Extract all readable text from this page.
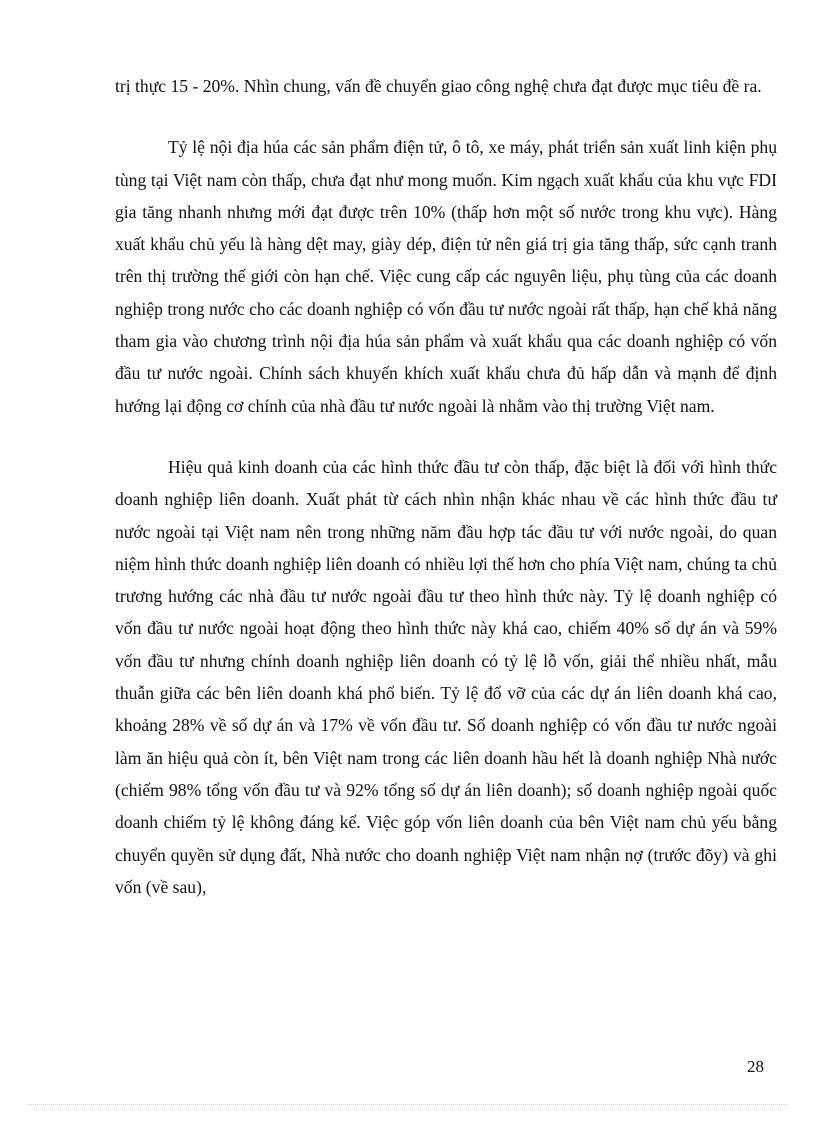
trị thực 15 - 20%. Nhìn chung, vấn đề chuyển giao công nghệ chưa đạt được mục tiêu đề ra.

Tỷ lệ nội địa húa các sản phẩm điện tử, ô tô, xe máy, phát triển sản xuất linh kiện phụ tùng tại Việt nam còn thấp, chưa đạt như mong muốn. Kim ngạch xuất khẩu của khu vực FDI gia tăng nhanh nhưng mới đạt được trên 10% (thấp hơn một số nước trong khu vực). Hàng xuất khẩu chủ yếu là hàng dệt may, giày dép, điện tử nên giá trị gia tăng thấp, sức cạnh tranh trên thị trường thế giới còn hạn chế. Việc cung cấp các nguyên liệu, phụ tùng của các doanh nghiệp trong nước cho các doanh nghiệp có vốn đầu tư nước ngoài rất thấp, hạn chế khả năng tham gia vào chương trình nội địa húa sản phẩm và xuất khẩu qua các doanh nghiệp có vốn đầu tư nước ngoài. Chính sách khuyến khích xuất khẩu chưa đủ hấp dẫn và mạnh để định hướng lại động cơ chính của nhà đầu tư nước ngoài là nhằm vào thị trường Việt nam.

Hiệu quả kinh doanh của các hình thức đầu tư còn thấp, đặc biệt là đối với hình thức doanh nghiệp liên doanh. Xuất phát từ cách nhìn nhận khác nhau về các hình thức đầu tư nước ngoài tại Việt nam nên trong những năm đầu hợp tác đầu tư với nước ngoài, do quan niệm hình thức doanh nghiệp liên doanh có nhiều lợi thế hơn cho phía Việt nam, chúng ta chủ trương hướng các nhà đầu tư nước ngoài đầu tư theo hình thức này. Tỷ lệ doanh nghiệp có vốn đầu tư nước ngoài hoạt động theo hình thức này khá cao, chiếm 40% số dự án và 59% vốn đầu tư nhưng chính doanh nghiệp liên doanh có tỷ lệ lỗ vốn, giải thể nhiều nhất, mẫu thuẫn giữa các bên liên doanh khá phổ biến. Tỷ lệ đổ vỡ của các dự án liên doanh khá cao, khoảng 28% về số dự án và 17% về vốn đầu tư. Số doanh nghiệp có vốn đầu tư nước ngoài làm ăn hiệu quả còn ít, bên Việt nam trong các liên doanh hầu hết là doanh nghiệp Nhà nước (chiếm 98% tổng vốn đầu tư và 92% tổng số dự án liên doanh); số doanh nghiệp ngoài quốc doanh chiếm tỷ lệ không đáng kể. Việc góp vốn liên doanh của bên Việt nam chủ yếu bằng chuyển quyền sử dụng đất, Nhà nước cho doanh nghiệp Việt nam nhận nợ (trước đõy) và ghi vốn (về sau),

28
